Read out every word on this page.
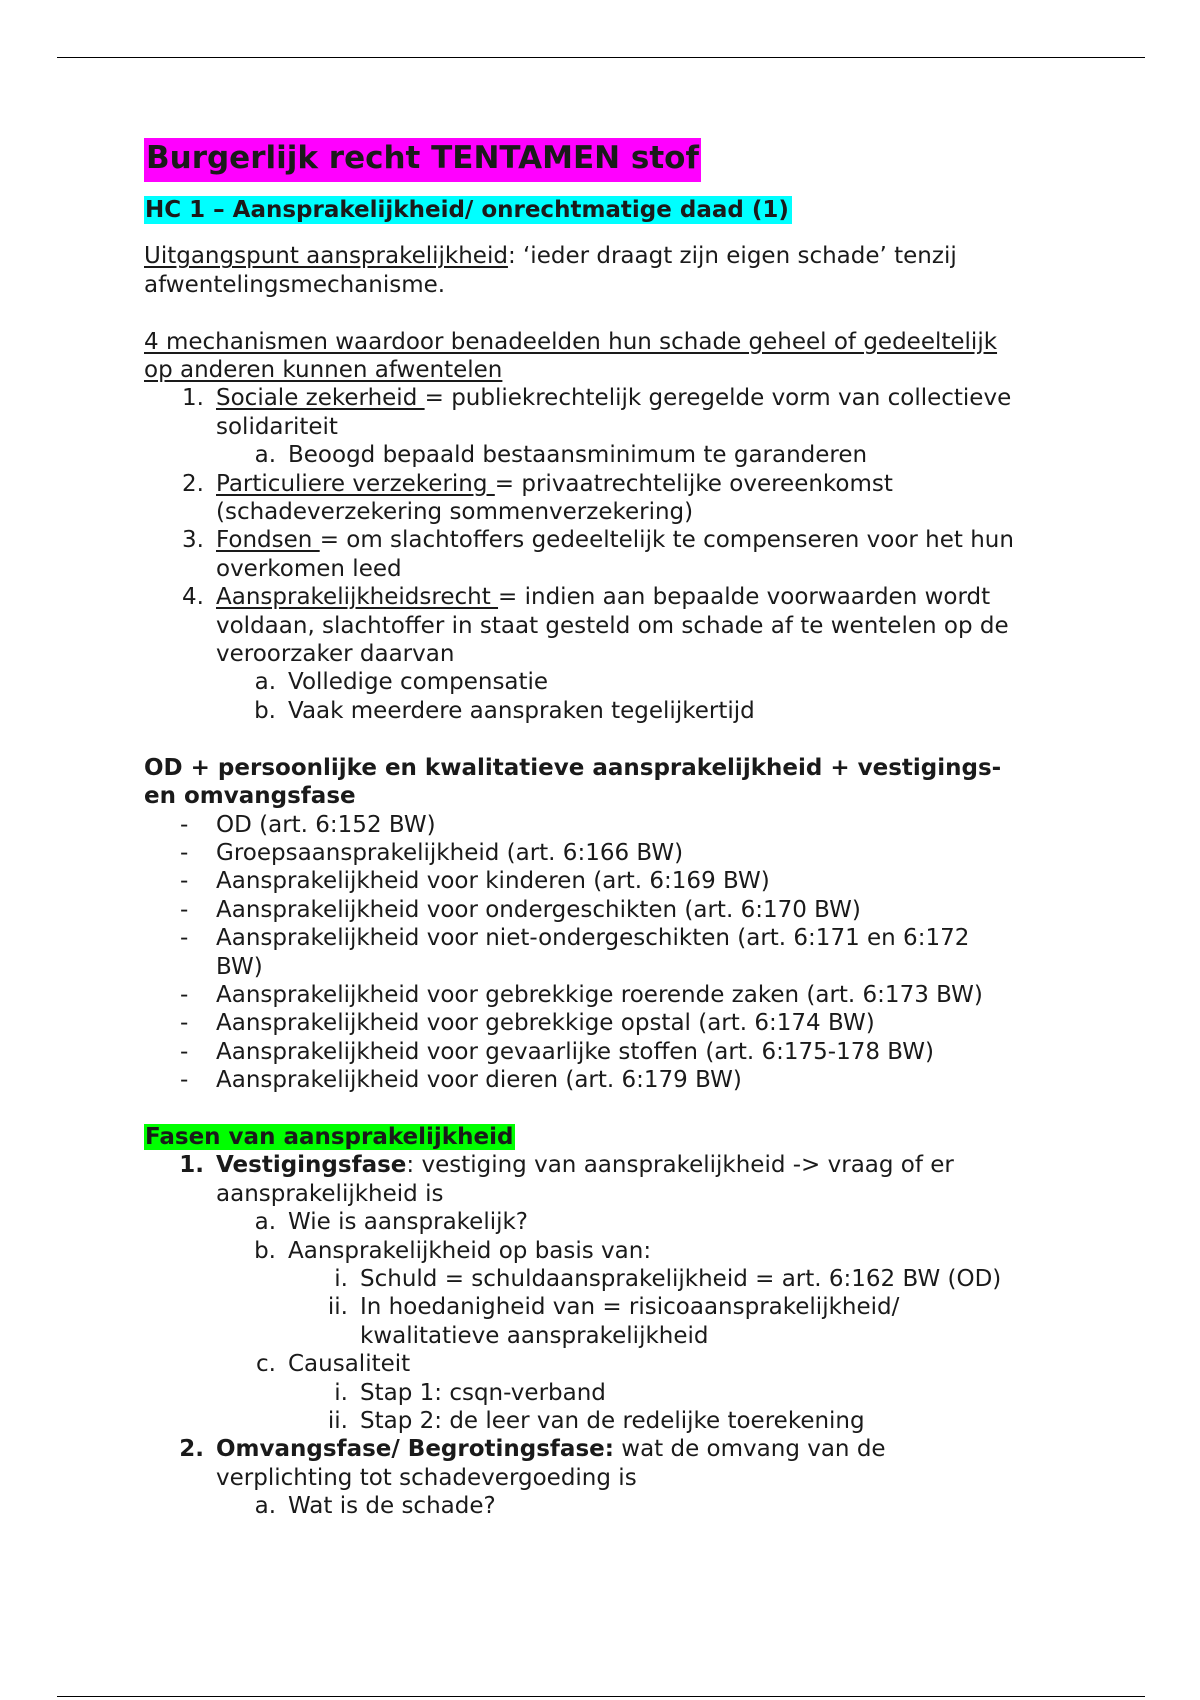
Burgerlijk recht TENTAMEN stof
HC 1 – Aansprakelijkheid/ onrechtmatige daad (1)

Uitgangspunt aansprakelijkheid: ‘ieder draagt zijn eigen schade’ tenzij
afwentelingsmechanisme.

4 mechanismen waardoor benadeelden hun schade geheel of gedeeltelijk
op anderen kunnen afwentelen

1. Sociale zekerheid = publiekrechtelijk geregelde vorm van collectieve
solidariteit
a. Beoogd bepaald bestaansminimum te garanderen
2. Particuliere verzekering = privaatrechtelijke overeenkomst
(schadeverzekering sommenverzekering)
3. Fondsen = om slachtoffers gedeeltelijk te compenseren voor het hun
overkomen leed
4. Aansprakelijkheidsrecht = indien aan bepaalde voorwaarden wordt
voldaan, slachtoffer in staat gesteld om schade af te wentelen op de
veroorzaker daarvan
a. Volledige compensatie
b. Vaak meerdere aanspraken tegelijkertijd

OD + persoonlijke en kwalitatieve aansprakelijkheid + vestigings-
en omvangsfase

-	OD (art. 6:152 BW)
-	Groepsaansprakelijkheid (art. 6:166 BW)
-	Aansprakelijkheid voor kinderen (art. 6:169 BW)
-	Aansprakelijkheid voor ondergeschikten (art. 6:170 BW)
-	Aansprakelijkheid voor niet-ondergeschikten (art. 6:171 en 6:172
BW)
-	Aansprakelijkheid voor gebrekkige roerende zaken (art. 6:173 BW)
-	Aansprakelijkheid voor gebrekkige opstal (art. 6:174 BW)
-	Aansprakelijkheid voor gevaarlijke stoffen (art. 6:175-178 BW)
-	Aansprakelijkheid voor dieren (art. 6:179 BW)

Fasen van aansprakelijkheid

1. Vestigingsfase: vestiging van aansprakelijkheid -> vraag of er
aansprakelijkheid is
a. Wie is aansprakelijk?
b. Aansprakelijkheid op basis van:
i. Schuld = schuldaansprakelijkheid = art. 6:162 BW (OD)
ii. In hoedanigheid van = risicoaansprakelijkheid/
kwalitatieve aansprakelijkheid
c. Causaliteit
i. Stap 1: csqn-verband
ii. Stap 2: de leer van de redelijke toerekening
2. Omvangsfase/ Begrotingsfase: wat de omvang van de
verplichting tot schadevergoeding is
a. Wat is de schade?
